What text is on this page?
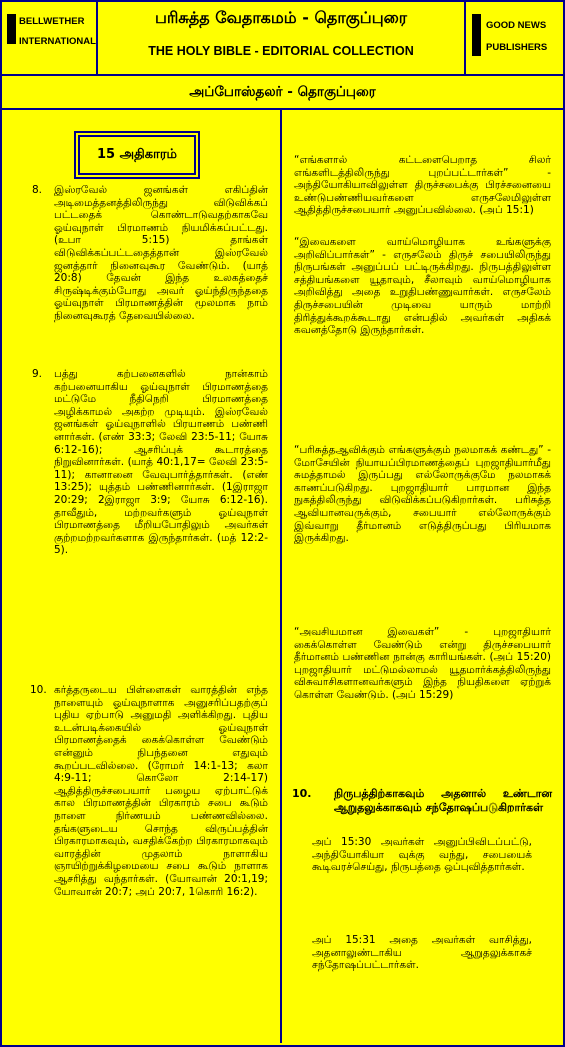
BELLWETHER
INTERNATIONAL
பரிசுத்த வேதாகமம் - தொகுப்புரை
THE HOLY BIBLE - EDITORIAL COLLECTION
GOOD NEWS
PUBLISHERS
அப்போஸ்தலர் - தொகுப்புரை
15 அதிகாரம்
8. இஸ்ரவேல் ஜனங்கள் எகிப்தின் அடிமைத்தனத்திலிருந்து விடுவிக்கப் பட்டதைக் கொண்டாடுவதற்காகவே ஓய்வுநாள் பிரமாணம் நியமிக்கப்பட்டது. (உபா 5:15) தாங்கள் விடுவிக்கப்பட்டதைத்தான் இஸ்ரவேல் ஜனத்தார் நினைவுகூர வேண்டும். (யாத் 20:8) தேவன் இந்த உலகத்தைச் சிருஷ்டிக்கும்போது அவர் ஓய்ந்திருந்ததை ஓய்வுநாள் பிரமாணத்தின் மூலமாக நாம் நினைவுகூரத் தேவையில்லை.
9. பத்து கற்பனைகளில் நான்காம் கற்பனையாகிய ஓய்வுநாள் பிரமாணத்தை மட்டுமே நீதிநெறி பிரமாணத்தை அழிக்காமல் அகற்ற முடியும். இஸ்ரவேல் ஜனங்கள் ஓய்வுநாளில் பிரயாணம் பண்ணி னார்கள். (எண் 33:3; லேவி 23:5-11; யோசு 6:12-16); ஆசரிப்புக் கூடாரத்தை நிறுவினார்கள். (யாத் 40:1,17= லேவி 23:5-11); கானானை வேவுபார்த்தார்கள். (எண் 13:25); யுத்தம் பண்ணினார்கள். (1இராஜா 20:29; 2இராஜா 3:9; யோசு 6:12-16). தாவீதும், மற்றவர்களும் ஓய்வுநாள் பிரமாணத்தை மீறியபோதிலும் அவர்கள் குற்றமற்றவர்களாக இருந்தார்கள். (மத் 12:2-5).
10. கர்த்தருடைய பிள்ளைகள் வாரத்தின் எந்த நாளையும் ஓய்வுநாளாக அனுசரிப்பதற்குப் புதிய ஏற்பாடு அனுமதி அளிக்கிறது. புதிய உடன்படிக்கையில் ஓய்வுநாள் பிரமாணத்தைக் கைக்கொள்ள வேண்டும் என்னும் நிபந்தனை எதுவும் கூறப்படவில்லை. (ரோமர் 14:1-13; கலா 4:9-11; கொலோ 2:14-17) ஆதித்திருச்சபையார் பழைய ஏற்பாட்டுக் கால பிரமாணத்தின் பிரகாரம் சபை கூடும் நாளை நிர்ணயம் பண்ணவில்லை. தங்களுடைய சொந்த விருப்பத்தின் பிரகாரமாகவும், வசதிக்கேற்ற பிரகாரமாகவும் வாரத்தின் முதலாம் நாளாகிய ஞாயிற்றுக்கிழமையை சபை கூடும் நாளாக ஆசரித்து வந்தார்கள். (யோவான் 20:1,19; யோவான் 20:7; அப் 20:7, 1கொரி 16:2).
“எங்களால் கட்டளைபெறாத சிலர் எங்களிடத்திலிருந்து புறப்பட்டார்கள்” - அந்தியோகியாவிலுள்ள திருச்சபைக்கு பிரச்சனையை உண்டுபண்ணியவர்களை எருசலேமிலுள்ள ஆதித்திருச்சபையார் அனுப்பவில்லை. (அப் 15:1)
“இவைகளை வாய்மொழியாக உங்களுக்கு அறிவிப்பார்கள்” - எருசலேம் திருச் சபையிலிருந்து நிருபங்கள் அனுப்பப் பட்டிருக்கிறது. நிருபத்திலுள்ள சத்தியங்களை யூதாவும், சீலாவும் வாய்மொழியாக அறிவித்து அதை உறுதிபண்ணுவார்கள். எருசலேம் திருச்சபையின் முடிவை யாரும் மாற்றி திரித்துக்கூறக்கூடாது என்பதில் அவர்கள் அதிகக் கவனத்தோடு இருந்தார்கள்.
“பரிசுத்தஆவிக்கும் எங்களுக்கும் நலமாகக் கண்டது” - மோசேயின் நியாயப்பிரமாணத்தைப் புறஜாதியார்மீது சுமத்தாமல் இருப்பது எல்லோருக்குமே நலமாகக் காணப்படுகிறது. புறஜாதியார் பாரமான இந்த நுகத்திலிருந்து விடுவிக்கப்படுகிறார்கள். பரிசுத்த ஆவியானவருக்கும், சபையார் எல்லோருக்கும் இவ்வாறு தீர்மானம் எடுத்திருப்பது பிரியமாக இருக்கிறது.
“அவசியமான இவைகள்” - புறஜாதியார் கைக்கொள்ள வேண்டும் என்று திருச்சபையார் தீர்மானம் பண்ணின நான்கு காரியங்கள். (அப் 15:20) புறஜாதியார் மட்டுமல்லாமல் யூதமார்க்கத்திலிருந்து விசுவாசிகளானவர்களும் இந்த நியதிகளை ஏற்றுக் கொள்ள வேண்டும். (அப் 15:29)
10. நிருபத்திற்காகவும் அதனால் உண்டான ஆறுதலுக்காகவும் சந்தோஷப்படுகிறார்கள்
அப் 15:30 அவர்கள் அனுப்பிவிடப்பட்டு, அந்தியோகியா வுக்கு வந்து, சபையைக் கூடிவரச்செய்து, நிருபத்தை ஒப்புவித்தார்கள்.
அப் 15:31 அதை அவர்கள் வாசித்து, அதனாலுண்டாகிய ஆறுதலுக்காகச் சந்தோஷப்பட்டார்கள்.
